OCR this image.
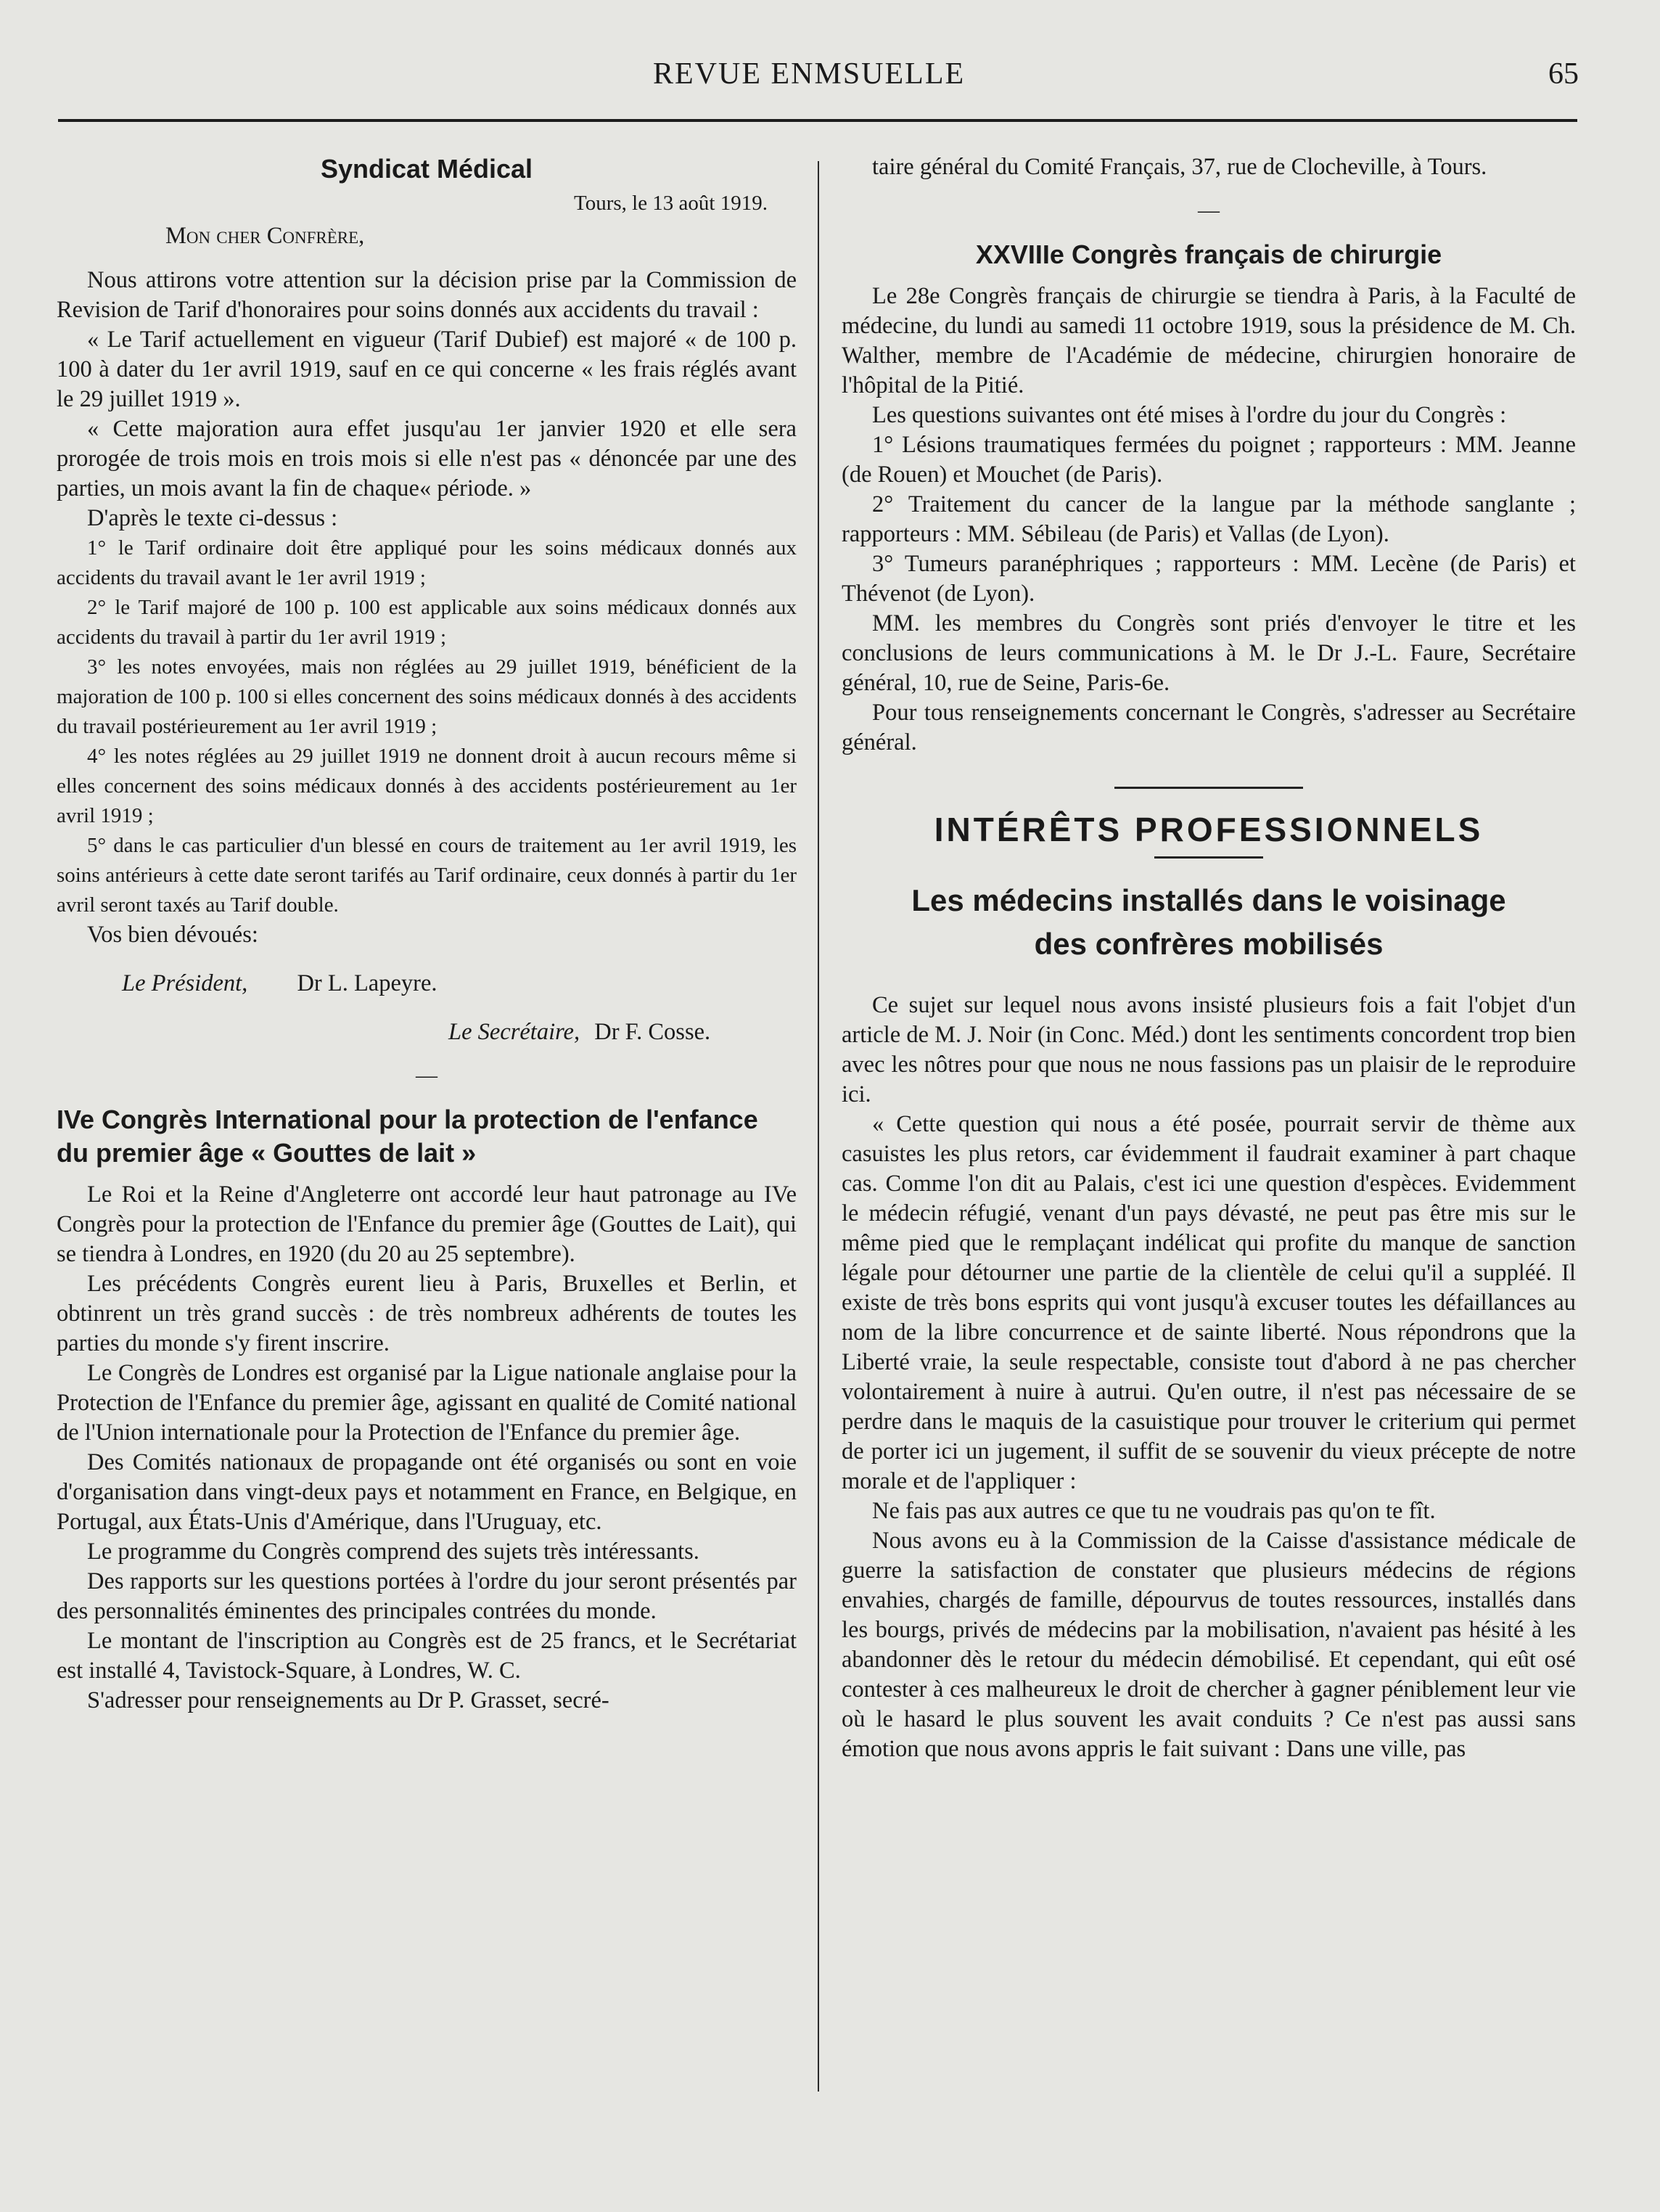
REVUE ENMSUELLE	65
Syndicat Médical
Tours, le 13 août 1919.
Mon cher Confrère,

Nous attirons votre attention sur la décision prise par la Commission de Revision de Tarif d'honoraires pour soins donnés aux accidents du travail :

« Le Tarif actuellement en vigueur (Tarif Dubief) est majoré « de 100 p. 100 à dater du 1er avril 1919, sauf en ce qui concerne « les frais réglés avant le 29 juillet 1919 ».

« Cette majoration aura effet jusqu'au 1er janvier 1920 et elle sera prorogée de trois mois en trois mois si elle n'est pas « dénoncée par une des parties, un mois avant la fin de chaque« période. »

D'après le texte ci-dessus :

1° le Tarif ordinaire doit être appliqué pour les soins médicaux donnés aux accidents du travail avant le 1er avril 1919 ;

2° le Tarif majoré de 100 p. 100 est applicable aux soins médicaux donnés aux accidents du travail à partir du 1er avril 1919 ;

3° les notes envoyées, mais non réglées au 29 juillet 1919, bénéficient de la majoration de 100 p. 100 si elles concernent des soins médicaux donnés à des accidents du travail postérieurement au 1er avril 1919 ;

4° les notes réglées au 29 juillet 1919 ne donnent droit à aucun recours même si elles concernent des soins médicaux donnés à des accidents postérieurement au 1er avril 1919 ;

5° dans le cas particulier d'un blessé en cours de traitement au 1er avril 1919, les soins antérieurs à cette date seront tarifés au Tarif ordinaire, ceux donnés à partir du 1er avril seront taxés au Tarif double.

Vos bien dévoués:

Le Président, Dr L. Lapeyre.
Le Secrétaire, Dr F. Cosse.
—
IVe Congrès International pour la protection de l'enfance du premier âge « Gouttes de lait »

Le Roi et la Reine d'Angleterre ont accordé leur haut patronage au IVe Congrès pour la protection de l'Enfance du premier âge (Gouttes de Lait), qui se tiendra à Londres, en 1920 (du 20 au 25 septembre).

Les précédents Congrès eurent lieu à Paris, Bruxelles et Berlin, et obtinrent un très grand succès : de très nombreux adhérents de toutes les parties du monde s'y firent inscrire.

Le Congrès de Londres est organisé par la Ligue nationale anglaise pour la Protection de l'Enfance du premier âge, agissant en qualité de Comité national de l'Union internationale pour la Protection de l'Enfance du premier âge.

Des Comités nationaux de propagande ont été organisés ou sont en voie d'organisation dans vingt-deux pays et notamment en France, en Belgique, en Portugal, aux États-Unis d'Amérique, dans l'Uruguay, etc.

Le programme du Congrès comprend des sujets très intéressants.

Des rapports sur les questions portées à l'ordre du jour seront présentés par des personnalités éminentes des principales contrées du monde.

Le montant de l'inscription au Congrès est de 25 francs, et le Secrétariat est installé 4, Tavistock-Square, à Londres, W. C.

S'adresser pour renseignements au Dr P. Grasset, secré-

taire général du Comité Français, 37, rue de Clocheville, à Tours.

—
XXVIIIe Congrès français de chirurgie

Le 28e Congrès français de chirurgie se tiendra à Paris, à la Faculté de médecine, du lundi au samedi 11 octobre 1919, sous la présidence de M. Ch. Walther, membre de l'Académie de médecine, chirurgien honoraire de l'hôpital de la Pitié.

Les questions suivantes ont été mises à l'ordre du jour du Congrès :

1° Lésions traumatiques fermées du poignet ; rapporteurs : MM. Jeanne (de Rouen) et Mouchet (de Paris).

2° Traitement du cancer de la langue par la méthode sanglante ; rapporteurs : MM. Sébileau (de Paris) et Vallas (de Lyon).

3° Tumeurs paranéphriques ; rapporteurs : MM. Lecène (de Paris) et Thévenot (de Lyon).

MM. les membres du Congrès sont priés d'envoyer le titre et les conclusions de leurs communications à M. le Dr J.-L. Faure, Secrétaire général, 10, rue de Seine, Paris-6e.

Pour tous renseignements concernant le Congrès, s'adresser au Secrétaire général.

INTÉRÊTS PROFESSIONNELS
Les médecins installés dans le voisinage
des confrères mobilisés

Ce sujet sur lequel nous avons insisté plusieurs fois a fait l'objet d'un article de M. J. Noir (in Conc. Méd.) dont les sentiments concordent trop bien avec les nôtres pour que nous ne nous fassions pas un plaisir de le reproduire ici.

« Cette question qui nous a été posée, pourrait servir de thème aux casuistes les plus retors, car évidemment il faudrait examiner à part chaque cas. Comme l'on dit au Palais, c'est ici une question d'espèces. Evidemment le médecin réfugié, venant d'un pays dévasté, ne peut pas être mis sur le même pied que le remplaçant indélicat qui profite du manque de sanction légale pour détourner une partie de la clientèle de celui qu'il a suppléé. Il existe de très bons esprits qui vont jusqu'à excuser toutes les défaillances au nom de la libre concurrence et de sainte liberté. Nous répondrons que la Liberté vraie, la seule respectable, consiste tout d'abord à ne pas chercher volontairement à nuire à autrui. Qu'en outre, il n'est pas nécessaire de se perdre dans le maquis de la casuistique pour trouver le criterium qui permet de porter ici un jugement, il suffit de se souvenir du vieux précepte de notre morale et de l'appliquer :

Ne fais pas aux autres ce que tu ne voudrais pas qu'on te fît.

Nous avons eu à la Commission de la Caisse d'assistance médicale de guerre la satisfaction de constater que plusieurs médecins de régions envahies, chargés de famille, dépourvus de toutes ressources, installés dans les bourgs, privés de médecins par la mobilisation, n'avaient pas hésité à les abandonner dès le retour du médecin démobilisé. Et cependant, qui eût osé contester à ces malheureux le droit de chercher à gagner péniblement leur vie où le hasard le plus souvent les avait conduits ? Ce n'est pas aussi sans émotion que nous avons appris le fait suivant : Dans une ville, pas
